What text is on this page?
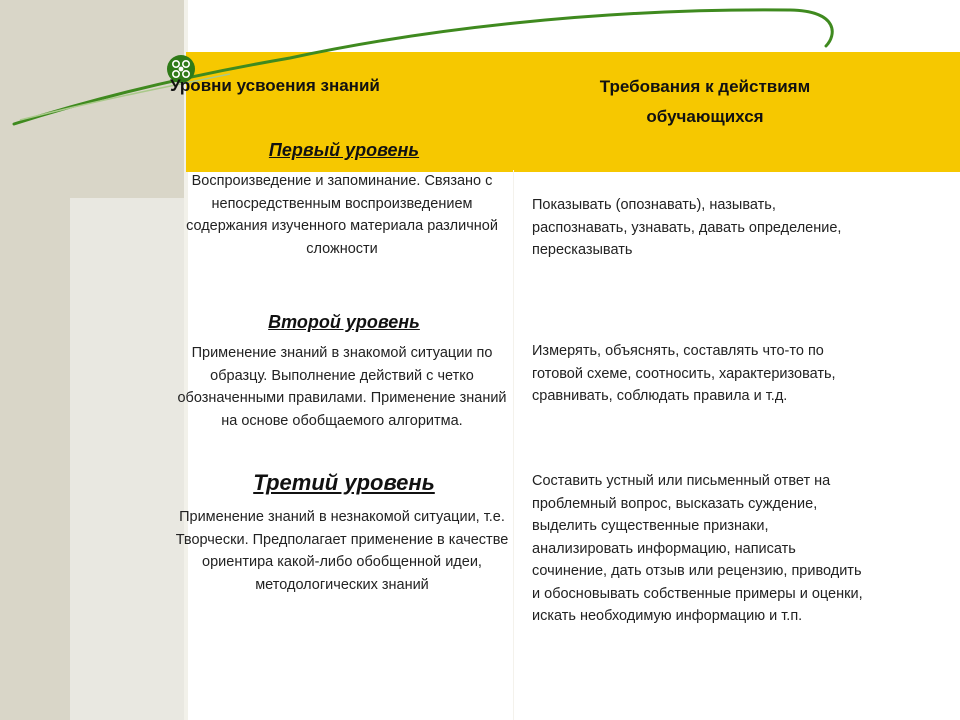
Уровни усвоения знаний	Требования к действиям обучающихся
Первый уровень
Воспроизведение и запоминание. Связано с непосредственным воспроизведением содержания изученного материала различной сложности
Показывать (опознавать), называть, распознавать, узнавать, давать определение, пересказывать
Второй уровень
Применение знаний в знакомой ситуации по образцу. Выполнение действий с четко обозначенными правилами. Применение знаний на основе обобщаемого алгоритма.
Измерять, объяснять, составлять что-то по готовой схеме, соотносить, характеризовать, сравнивать, соблюдать правила и т.д.
Третий уровень
Применение знаний в незнакомой ситуации, т.е. Творчески. Предполагает применение в качестве ориентира какой-либо обобщенной идеи, методологических знаний
Составить устный или письменный ответ на проблемный вопрос, высказать суждение, выделить существенные признаки, анализировать информацию, написать сочинение, дать отзыв или рецензию, приводить и обосновывать собственные примеры и оценки, искать необходимую информацию и т.п.
